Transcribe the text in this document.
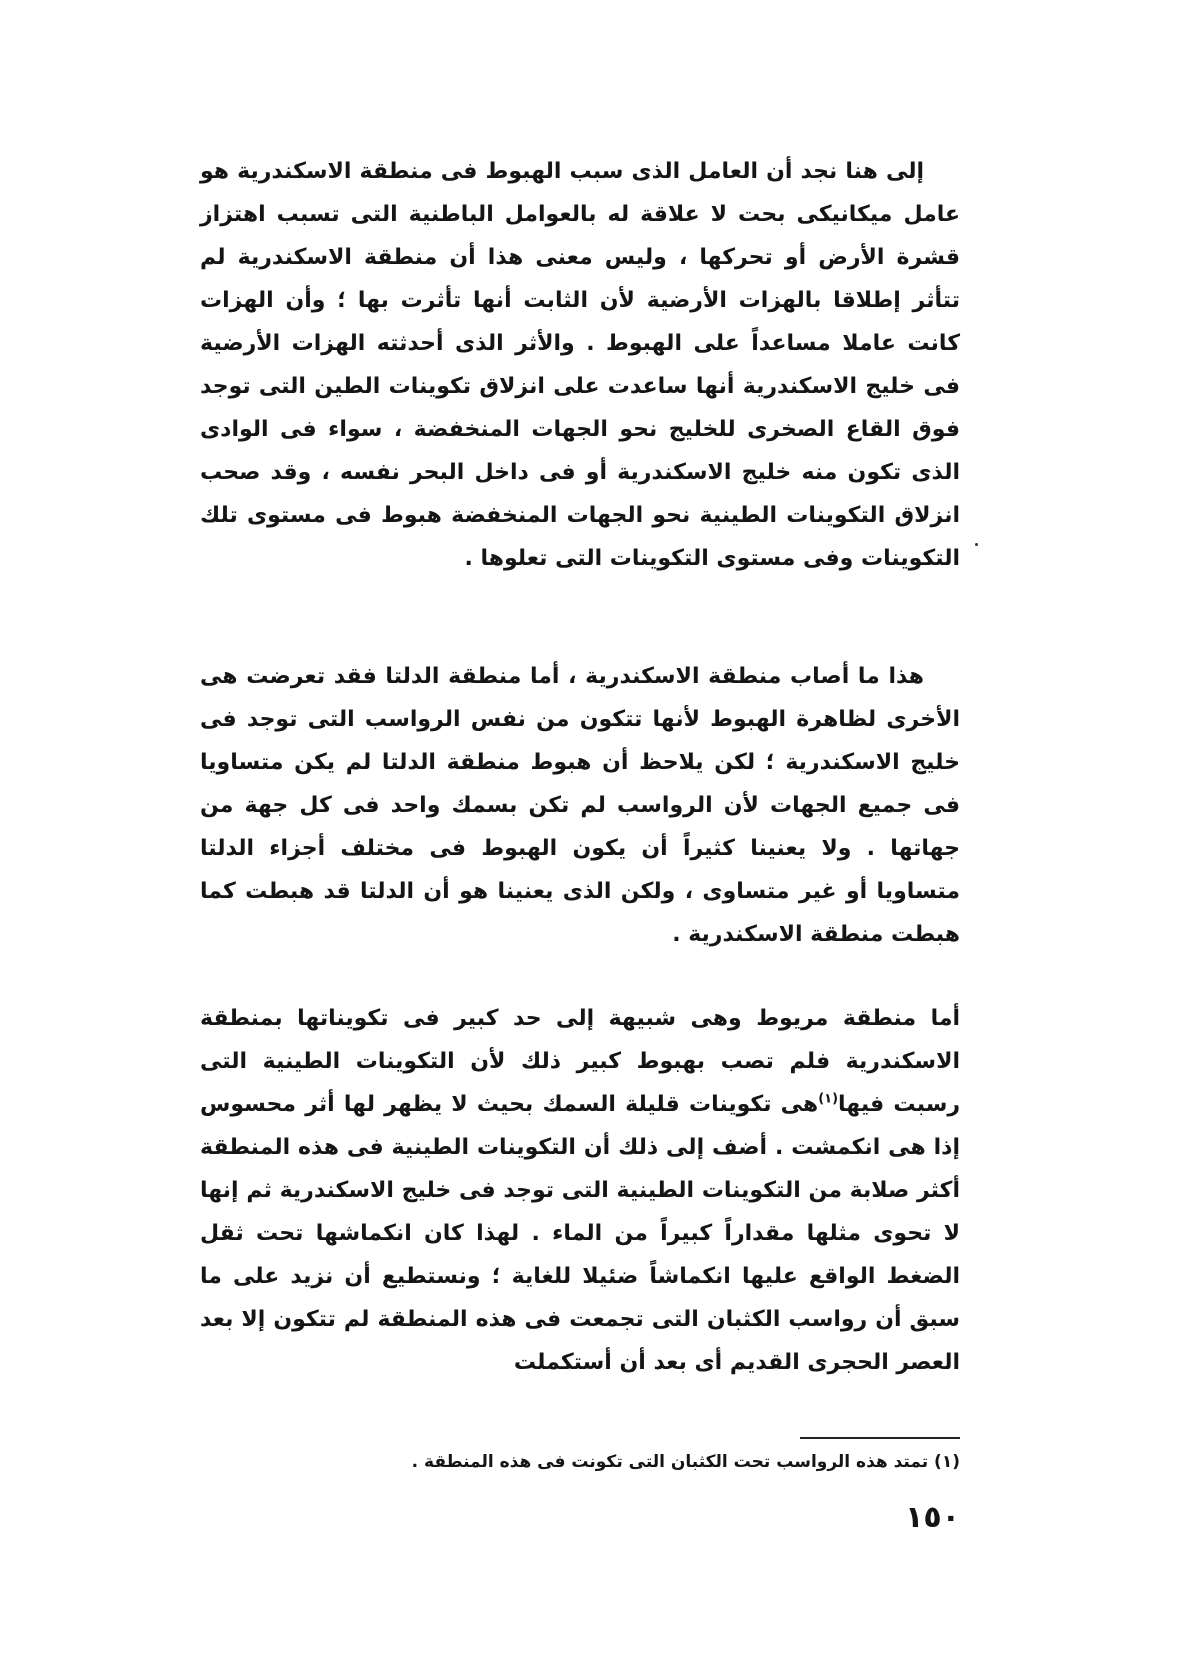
إلى هنا نجد أن العامل الذى سبب الهبوط فى منطقة الاسكندرية هو عامل ميكانيكى بحت لا علاقة له بالعوامل الباطنية التى تسبب اهتزاز قشرة الأرض أو تحركها ، وليس معنى هذا أن منطقة الاسكندرية لم تتأثر إطلاقا بالهزات الأرضية لأن الثابت أنها تأثرت بها ؛ وأن الهزات كانت عاملا مساعداً على الهبوط . والأثر الذى أحدثته الهزات الأرضية فى خليج الاسكندرية أنها ساعدت على انزلاق تكوينات الطين التى توجد فوق القاع الصخرى للخليج نحو الجهات المنخفضة ، سواء فى الوادى الذى تكون منه خليج الاسكندرية أو فى داخل البحر نفسه ، وقد صحب انزلاق التكوينات الطينية نحو الجهات المنخفضة هبوط فى مستوى تلك التكوينات وفى مستوى التكوينات التى تعلوها .

هذا ما أصاب منطقة الاسكندرية ، أما منطقة الدلتا فقد تعرضت هى الأخرى لظاهرة الهبوط لأنها تتكون من نفس الرواسب التى توجد فى خليج الاسكندرية ؛ لكن يلاحظ أن هبوط منطقة الدلتا لم يكن متساويا فى جميع الجهات لأن الرواسب لم تكن بسمك واحد فى كل جهة من جهاتها . ولا يعنينا كثيراً أن يكون الهبوط فى مختلف أجزاء الدلتا متساويا أو غير متساوى ، ولكن الذى يعنينا هو أن الدلتا قد هبطت كما هبطت منطقة الاسكندرية .

أما منطقة مريوط وهى شبيهة إلى حد كبير فى تكويناتها بمنطقة الاسكندرية فلم تصب بهبوط كبير ذلك لأن التكوينات الطينية التى رسبت فيها$^{(١)}$هى تكوينات قليلة السمك بحيث لا يظهر لها أثر محسوس إذا هى انكمشت . أضف إلى ذلك أن التكوينات الطينية فى هذه المنطقة أكثر صلابة من التكوينات الطينية التى توجد فى خليج الاسكندرية ثم إنها لا تحوى مثلها مقداراً كبيراً من الماء . لهذا كان انكماشها تحت ثقل الضغط الواقع عليها انكماشاً ضئيلا للغاية ؛ ونستطيع أن نزيد على ما سبق أن رواسب الكثبان التى تجمعت فى هذه المنطقة لم تتكون إلا بعد العصر الحجرى القديم أى بعد أن أستكملت

(١) تمتد هذه الرواسب تحت الكثبان التى تكونت فى هذه المنطقة .

١٥٠
